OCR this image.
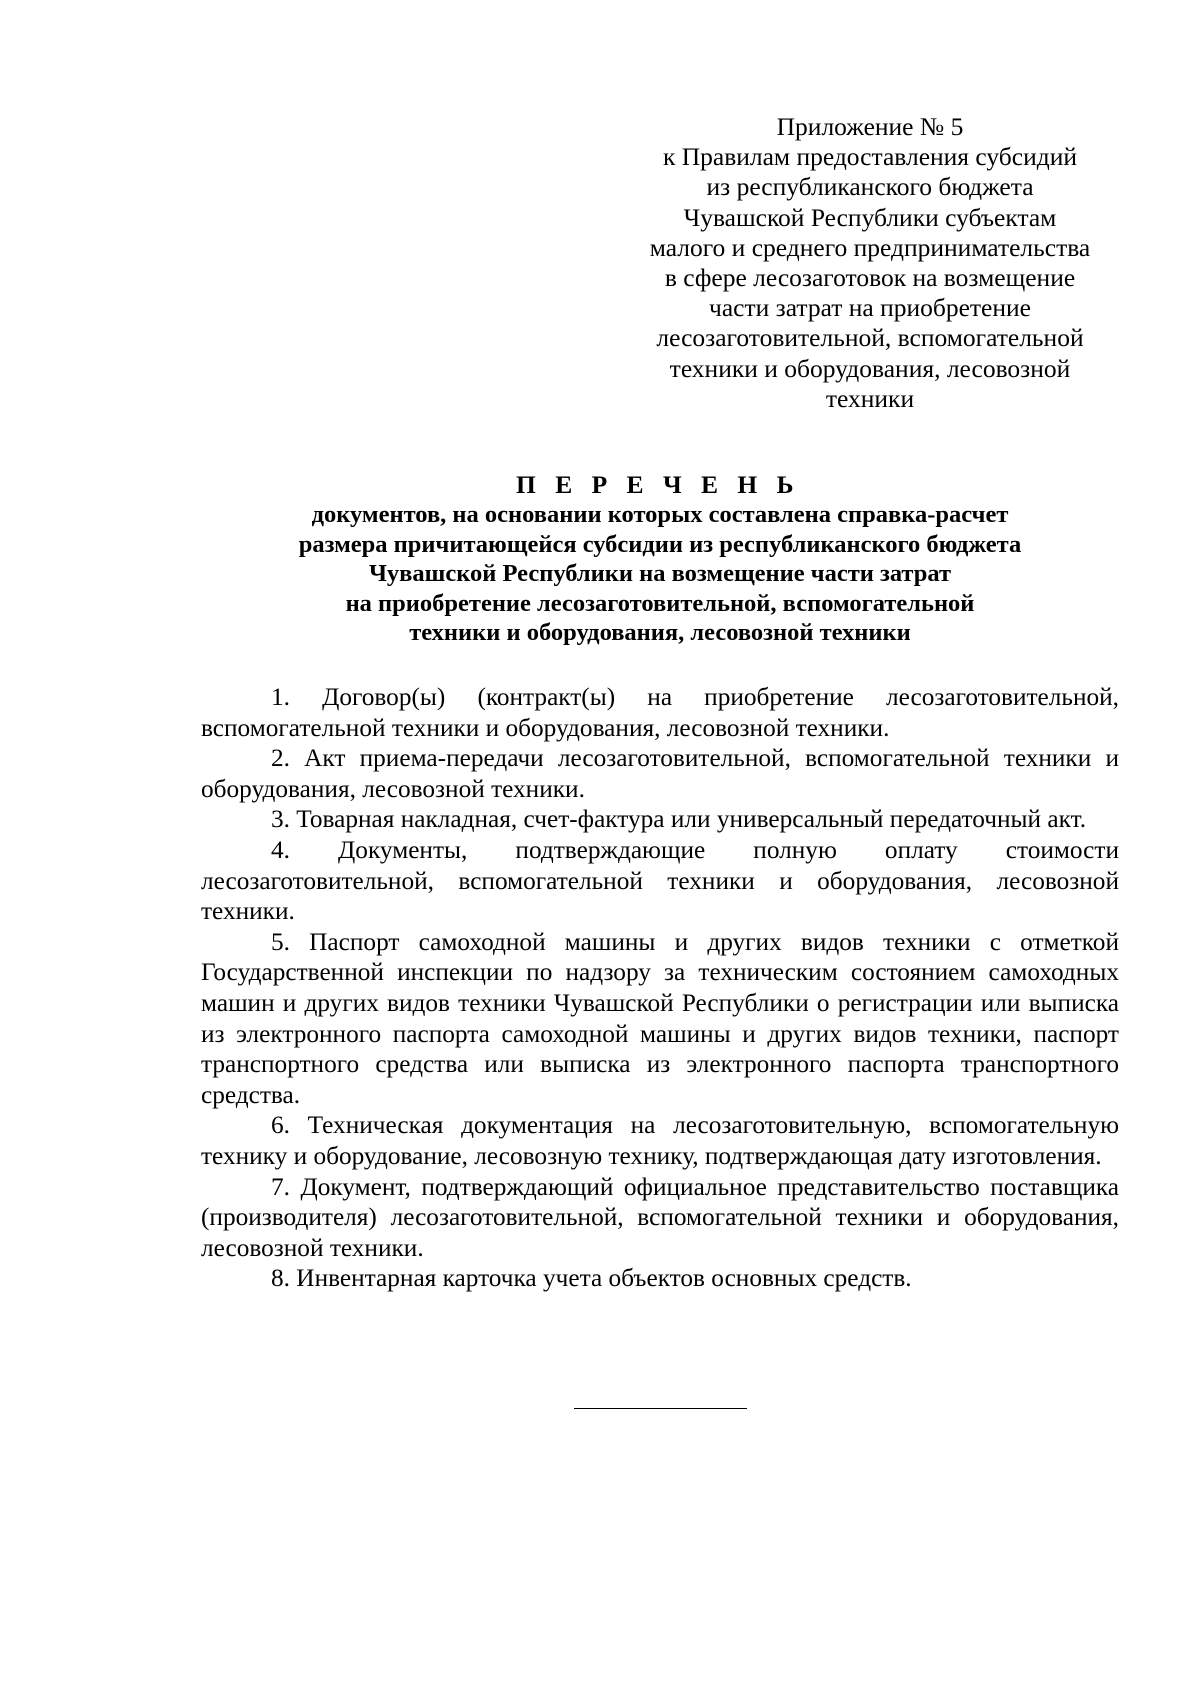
Приложение № 5
к Правилам предоставления субсидий
из республиканского бюджета
Чувашской Республики субъектам
малого и среднего предпринимательства
в сфере лесозаготовок на возмещение
части затрат на приобретение
лесозаготовительной, вспомогательной
техники и оборудования, лесовозной
техники
П Е Р Е Ч Е Н Ь
документов, на основании которых составлена справка-расчет
размера причитающейся субсидии из республиканского бюджета
Чувашской Республики на возмещение части затрат
на приобретение лесозаготовительной, вспомогательной
техники и оборудования, лесовозной техники

1. Договор(ы) (контракт(ы) на приобретение лесозаготовительной, вспомогательной техники и оборудования, лесовозной техники.

2. Акт приема-передачи лесозаготовительной, вспомогательной техники и оборудования, лесовозной техники.

3. Товарная накладная, счет-фактура или универсальный передаточный акт.

4. Документы, подтверждающие полную оплату стоимости лесозаготовительной, вспомогательной техники и оборудования, лесовозной техники.

5. Паспорт самоходной машины и других видов техники с отметкой Государственной инспекции по надзору за техническим состоянием самоходных машин и других видов техники Чувашской Республики о регистрации или выписка из электронного паспорта самоходной машины и других видов техники, паспорт транспортного средства или выписка из электронного паспорта транспортного средства.

6. Техническая документация на лесозаготовительную, вспомогательную технику и оборудование, лесовозную технику, подтверждающая дату изготовления.

7. Документ, подтверждающий официальное представительство поставщика (производителя) лесозаготовительной, вспомогательной техники и оборудования, лесовозной техники.

8. Инвентарная карточка учета объектов основных средств.
